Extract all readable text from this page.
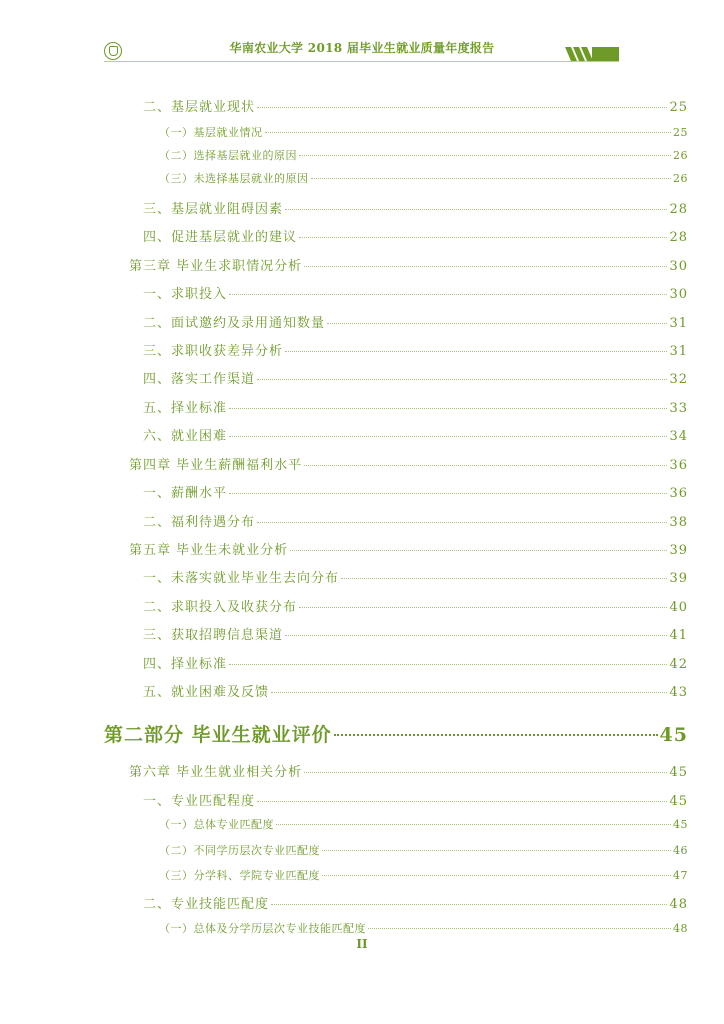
华南农业大学 2018 届毕业生就业质量年度报告
二、基层就业现状	25
（一）基层就业情况	25
（二）选择基层就业的原因	26
（三）未选择基层就业的原因	26
三、基层就业阻碍因素	28
四、促进基层就业的建议	28
第三章 毕业生求职情况分析	30
一、求职投入	30
二、面试邀约及录用通知数量	31
三、求职收获差异分析	31
四、落实工作渠道	32
五、择业标准	33
六、就业困难	34
第四章 毕业生薪酬福利水平	36
一、薪酬水平	36
二、福利待遇分布	38
第五章 毕业生未就业分析	39
一、未落实就业毕业生去向分布	39
二、求职投入及收获分布	40
三、获取招聘信息渠道	41
四、择业标准	42
五、就业困难及反馈	43
第二部分 毕业生就业评价	45
第六章 毕业生就业相关分析	45
一、专业匹配程度	45
（一）总体专业匹配度	45
（二）不同学历层次专业匹配度	46
（三）分学科、学院专业匹配度	47
二、专业技能匹配度	48
（一）总体及分学历层次专业技能匹配度	48
II
